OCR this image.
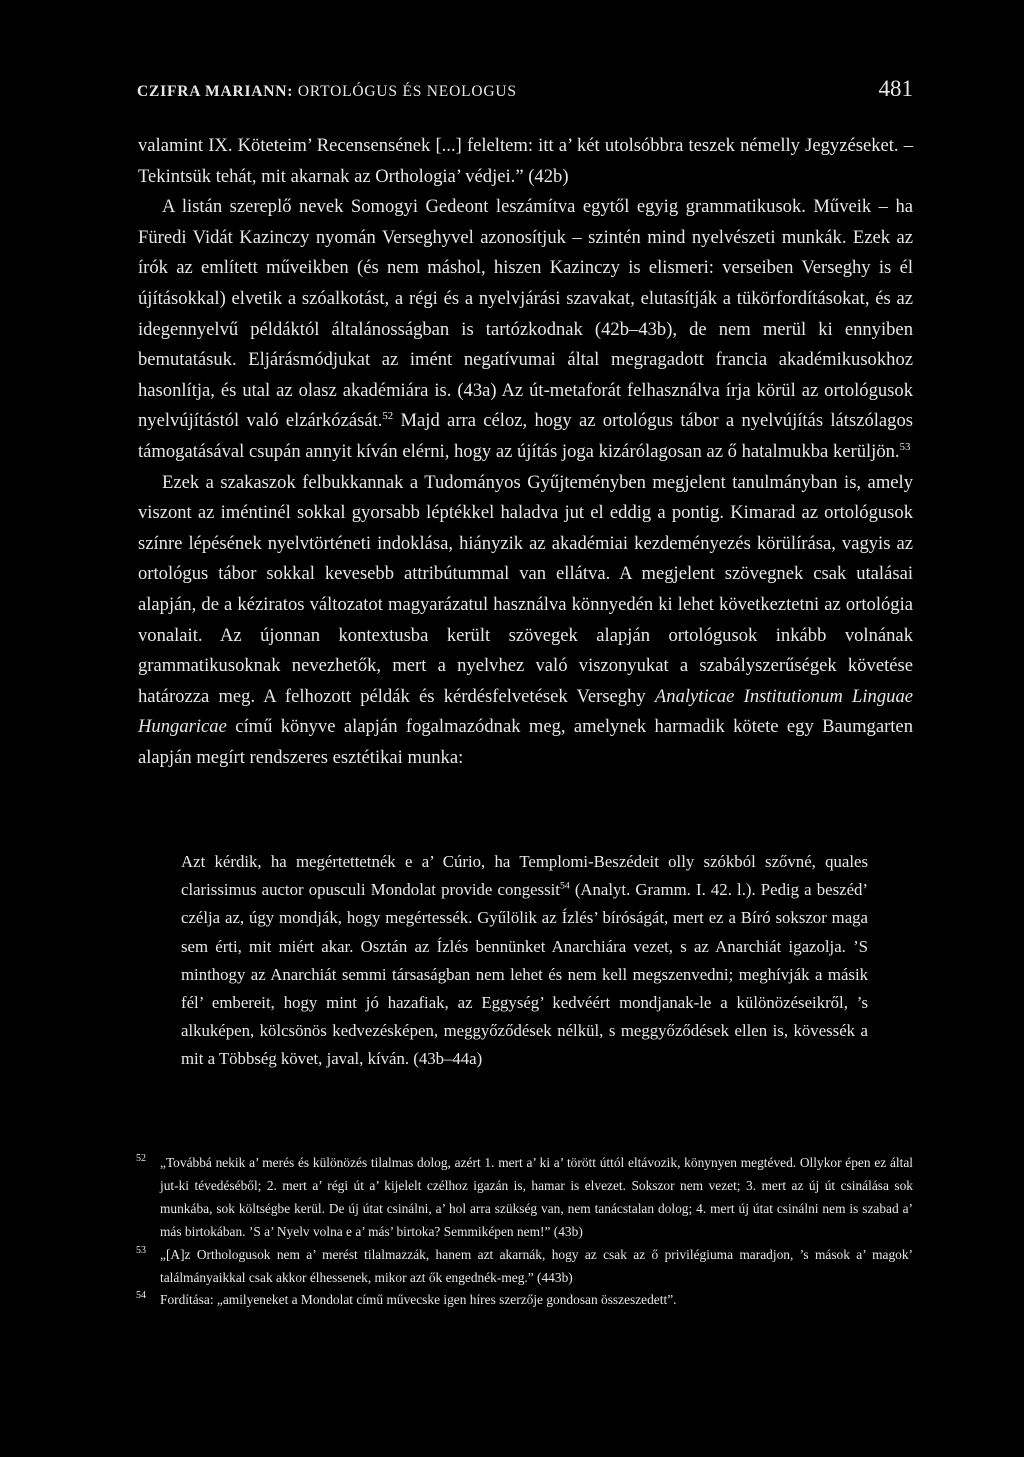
CZIFRA MARIANN: ORTOLÓGUS ÉS NEOLOGUS	481

valamint IX. Köteteim’ Recensensének [...] feleltem: itt a’ két utolsóbbra teszek némelly Jegyzéseket. – Tekintsük tehát, mit akarnak az Orthologia’ védjei.” (42b)

A listán szereplő nevek Somogyi Gedeont leszámítva egytől egyig grammatikusok. Műveik – ha Füredi Vidát Kazinczy nyomán Verseghyvel azonosítjuk – szintén mind nyelvészeti munkák. Ezek az írók az említett műveikben (és nem máshol, hiszen Kazinczy is elismeri: verseiben Verseghy is él újításokkal) elvetik a szóalkotást, a régi és a nyelvjárási szavakat, elutasítják a tükörfordításokat, és az idegennyelvű példáktól általánosságban is tartózkodnak (42b–43b), de nem merül ki ennyiben bemutatásuk. Eljárásmódjukat az imént negatívumai által megragadott francia akadémikusokhoz hasonlítja, és utal az olasz akadémiára is. (43a) Az út-metaforát felhasználva írja körül az ortológusok nyelvújítástól való elzárkózását.$^{52}$ Majd arra céloz, hogy az ortológus tábor a nyelvújítás látszólagos támogatásával csupán annyit kíván elérni, hogy az újítás joga kizárólagosan az ő hatalmukba kerüljön.$^{53}$

Ezek a szakaszok felbukkannak a Tudományos Gyűjteményben megjelent tanulmányban is, amely viszont az iméntinél sokkal gyorsabb léptékkel haladva jut el eddig a pontig. Kimarad az ortológusok színre lépésének nyelvtörténeti indoklása, hiányzik az akadémiai kezdeményezés körülírása, vagyis az ortológus tábor sokkal kevesebb attribútummal van ellátva. A megjelent szövegnek csak utalásai alapján, de a kéziratos változatot magyarázatul használva könnyedén ki lehet következtetni az ortológia vonalait. Az újonnan kontextusba került szövegek alapján ortológusok inkább volnának grammatikusoknak nevezhetők, mert a nyelvhez való viszonyukat a szabályszerűségek követése határozza meg. A felhozott példák és kérdésfelvetések Verseghy Analyticae Institutionum Linguae Hungaricae című könyve alapján fogalmazódnak meg, amelynek harmadik kötete egy Baumgarten alapján megírt rendszeres esztétikai munka:

Azt kérdik, ha megértettetnék e a’ Cúrio, ha Templomi-Beszédeit olly szókból szővné, quales clarissimus auctor opusculi Mondolat provide congessit$^{54}$ (Analyt. Gramm. I. 42. l.). Pedig a beszéd’ czélja az, úgy mondják, hogy megértessék. Gyűlölik az Ízlés’ bíróságát, mert ez a Bíró sokszor maga sem érti, mit miért akar. Osztán az Ízlés bennünket Anarchiára vezet, s az Anarchiát igazolja. ’S minthogy az Anarchiát semmi társaságban nem lehet és nem kell megszenvedni; meghívják a másik fél’ embereit, hogy mint jó hazafiak, az Eggység’ kedvéért mondjanak-le a különözéseikről, ’s alkuképen, kölcsönös kedvezésképen, meggyőződések nélkül, s meggyőződések ellen is, kövessék a mit a Többség követ, javal, kíván. (43b–44a)
52	„Továbbá nekik a’ merés és különözés tilalmas dolog, azért 1. mert a’ ki a’ törött úttól eltávozik, könynyen megtéved. Ollykor épen ez által jut-ki tévedéséből; 2. mert a’ régi út a’ kijelelt czélhoz igazán is, hamar is elvezet. Sokszor nem vezet; 3. mert az új út csinálása sok munkába, sok költségbe kerül. De új útat csinálni, a’ hol arra szükség van, nem tanácstalan dolog; 4. mert új útat csinálni nem is szabad a’ más birtokában. ’S a’ Nyelv volna e a’ más’ birtoka? Semmiképen nem!” (43b)
53	„[A]z Orthologusok nem a’ merést tilalmazzák, hanem azt akarnák, hogy az csak az ő privilégiuma maradjon, ’s mások a’ magok’ találmányaikkal csak akkor élhessenek, mikor azt ők engednék-meg.” (443b)
54	Fordítása: „amilyeneket a Mondolat című művecske igen híres szerzője gondosan összeszedett”.
